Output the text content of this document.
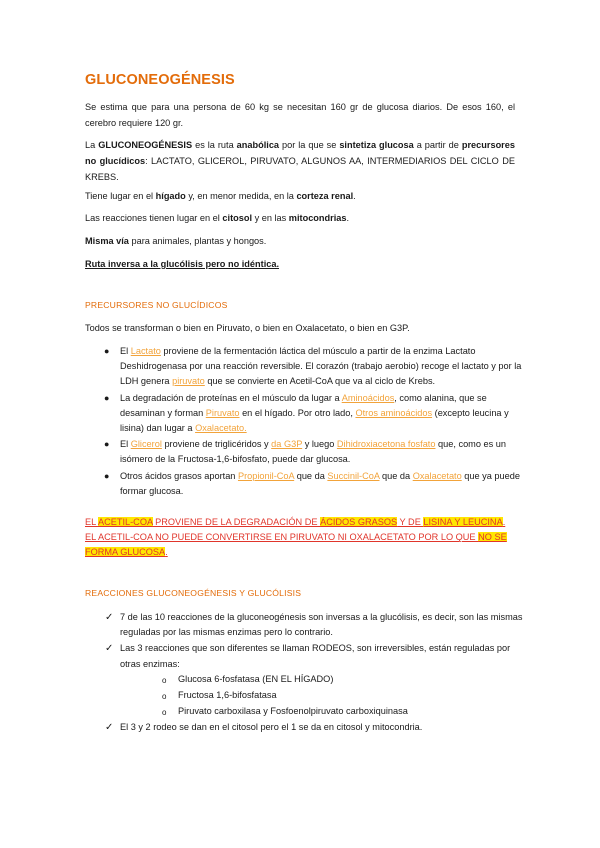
GLUCONEOGÉNESIS
Se estima que para una persona de 60 kg se necesitan 160 gr de glucosa diarios. De esos 160, el cerebro requiere 120 gr.
La GLUCONEOGÉNESIS es la ruta anabólica por la que se sintetiza glucosa a partir de precursores no glucídicos: LACTATO, GLICEROL, PIRUVATO, ALGUNOS AA, INTERMEDIARIOS DEL CICLO DE KREBS.
Tiene lugar en el hígado y, en menor medida, en la corteza renal.
Las reacciones tienen lugar en el citosol y en las mitocondrias.
Misma vía para animales, plantas y hongos.
Ruta inversa a la glucólisis pero no idéntica.
PRECURSORES NO GLUCÍDICOS
Todos se transforman o bien en Piruvato, o bien en Oxalacetato, o bien en G3P.
● El Lactato proviene de la fermentación láctica del músculo a partir de la enzima Lactato Deshidrogenasa por una reacción reversible. El corazón (trabajo aerobio) recoge el lactato y por la LDH genera piruvato que se convierte en Acetil-CoA que va al ciclo de Krebs.
● La degradación de proteínas en el músculo da lugar a Aminoácidos, como alanina, que se desaminan y forman Piruvato en el hígado. Por otro lado, Otros aminoácidos (excepto leucina y lisina) dan lugar a Oxalacetato.
● El Glicerol proviene de triglicéridos y da G3P y luego Dihidroxiacetona fosfato que, como es un isómero de la Fructosa-1,6-bifosfato, puede dar glucosa.
● Otros ácidos grasos aportan Propionil-CoA que da Succinil-CoA que da Oxalacetato que ya puede formar glucosa.
EL ACETIL-COA PROVIENE DE LA DEGRADACIÓN DE ÁCIDOS GRASOS Y DE LISINA Y LEUCINA.
EL ACETIL-COA NO PUEDE CONVERTIRSE EN PIRUVATO NI OXALACETATO POR LO QUE NO SE FORMA GLUCOSA.
REACCIONES GLUCONEOGÉNESIS Y GLUCÓLISIS
✓ 7 de las 10 reacciones de la gluconeogénesis son inversas a la glucólisis, es decir, son las mismas reguladas por las mismas enzimas pero lo contrario.
✓ Las 3 reacciones que son diferentes se llaman RODEOS, son irreversibles, están reguladas por otras enzimas:
o Glucosa 6-fosfatasa (EN EL HÍGADO)
o Fructosa 1,6-bifosfatasa
o Piruvato carboxilasa y Fosfoenolpiruvato carboxiquinasa
✓ El 3 y 2 rodeo se dan en el citosol pero el 1 se da en citosol y mitocondria.
